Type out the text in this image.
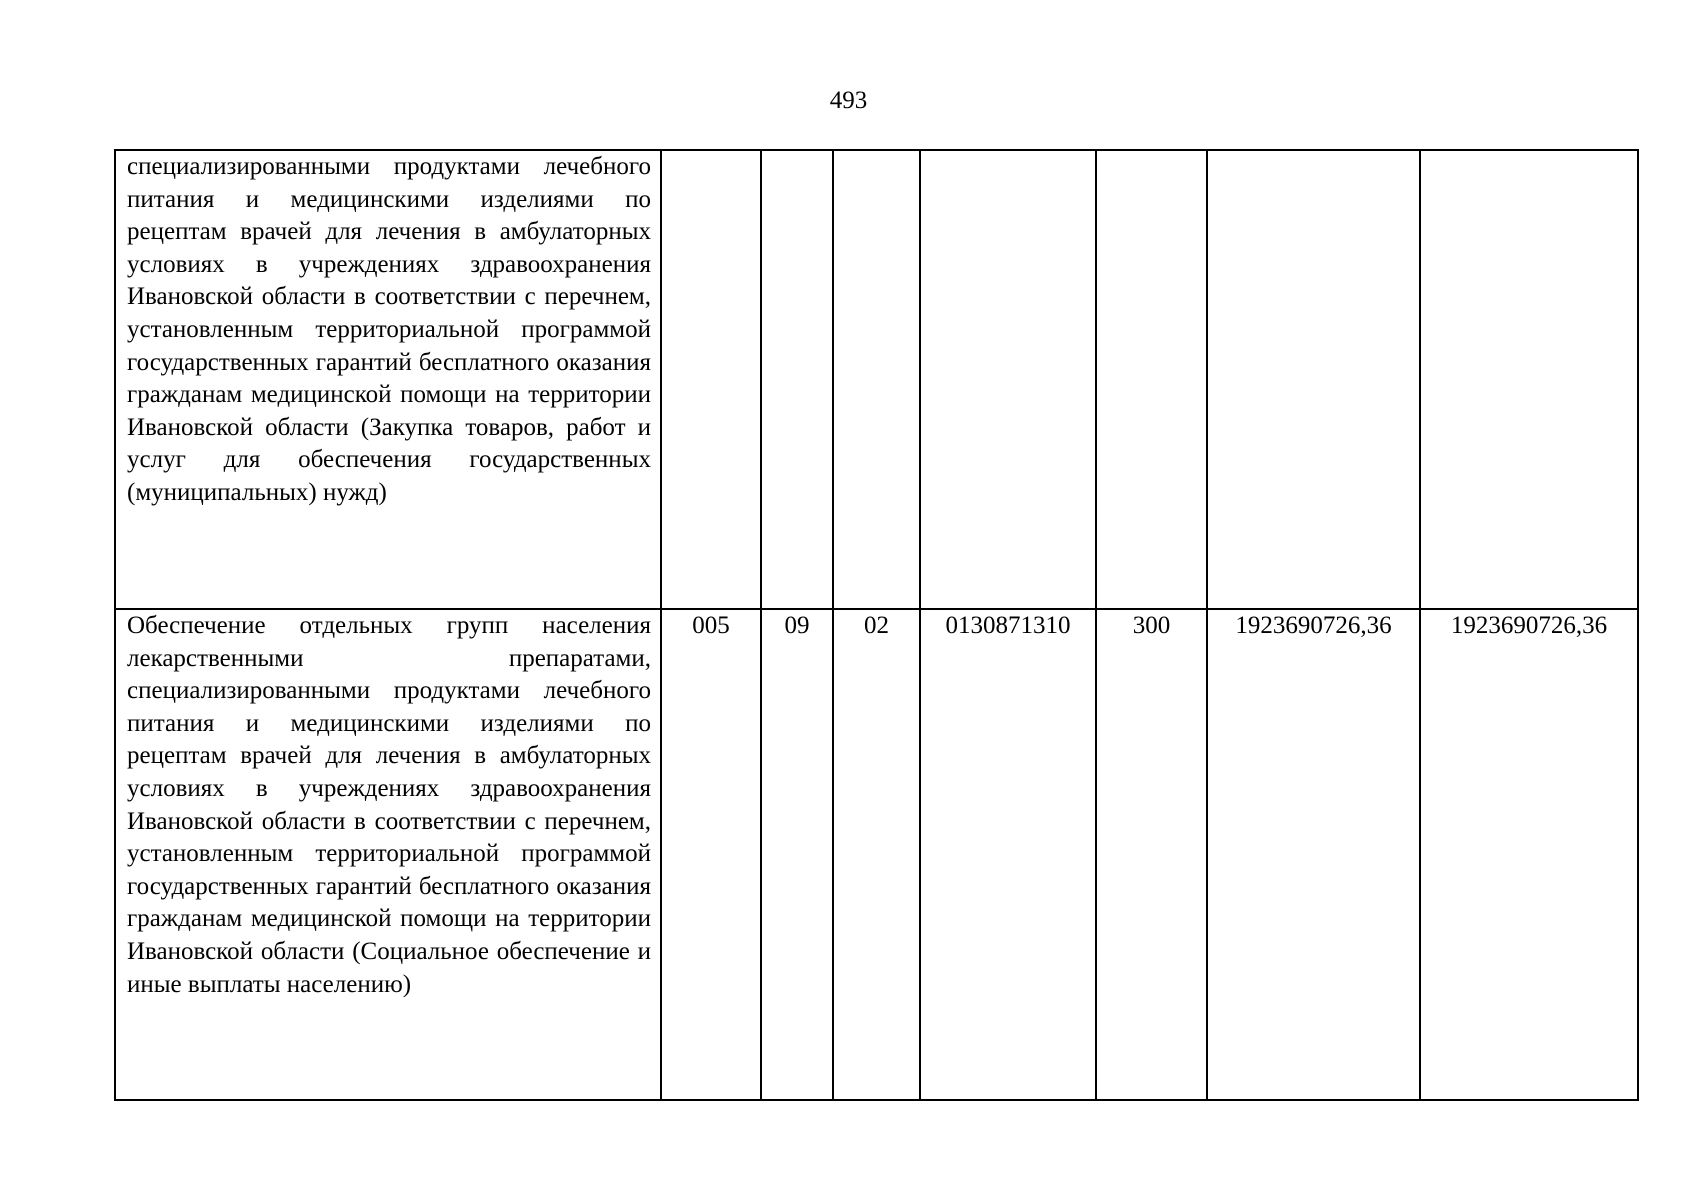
493
специализированными продуктами лечебного питания и медицинскими изделиями по рецептам врачей для лечения в амбулаторных условиях в учреждениях здравоохранения Ивановской области в соответствии с перечнем, установленным территориальной программой государственных гарантий бесплатного оказания гражданам медицинской помощи на территории Ивановской области (Закупка товаров, работ и услуг для обеспечения государственных (муниципальных) нужд)							
Обеспечение отдельных групп населения лекарственными препаратами, специализированными продуктами лечебного питания и медицинскими изделиями по рецептам врачей для лечения в амбулаторных условиях в учреждениях здравоохранения Ивановской области в соответствии с перечнем, установленным территориальной программой государственных гарантий бесплатного оказания гражданам медицинской помощи на территории Ивановской области (Социальное обеспечение и иные выплаты населению)	005	09	02	0130871310	300	1923690726,36	1923690726,36
